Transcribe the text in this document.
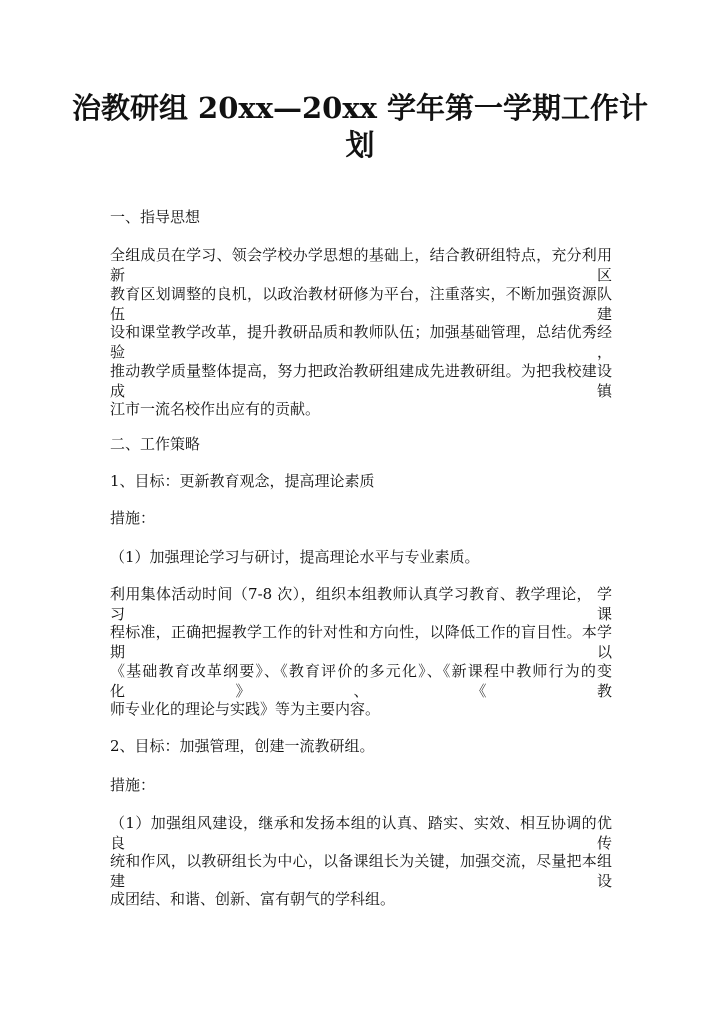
治教研组 20xx—20xx 学年第一学期工作计
划
一、指导思想
全组成员在学习、领会学校办学思想的基础上，结合教研组特点，充分利用新区
教育区划调整的良机，以政治教材研修为平台，注重落实，不断加强资源队伍建
设和课堂教学改革，提升教研品质和教师队伍；加强基础管理，总结优秀经验，
推动教学质量整体提高，努力把政治教研组建成先进教研组。为把我校建设成镇
江市一流名校作出应有的贡献。
二、工作策略
1、目标：更新教育观念，提高理论素质
措施：
（1）加强理论学习与研讨，提高理论水平与专业素质。
利用集体活动时间（7-8 次），组织本组教师认真学习教育、教学理论， 学习课
程标准，正确把握教学工作的针对性和方向性，以降低工作的盲目性。本学期以
《基础教育改革纲要》、《教育评价的多元化》、《新课程中教师行为的变化》、《教
师专业化的理论与实践》等为主要内容。
2、目标：加强管理，创建一流教研组。
措施：
（1）加强组风建设，继承和发扬本组的认真、踏实、实效、相互协调的优良传
统和作风，以教研组长为中心，以备课组长为关键，加强交流，尽量把本组建设
成团结、和谐、创新、富有朝气的学科组。
